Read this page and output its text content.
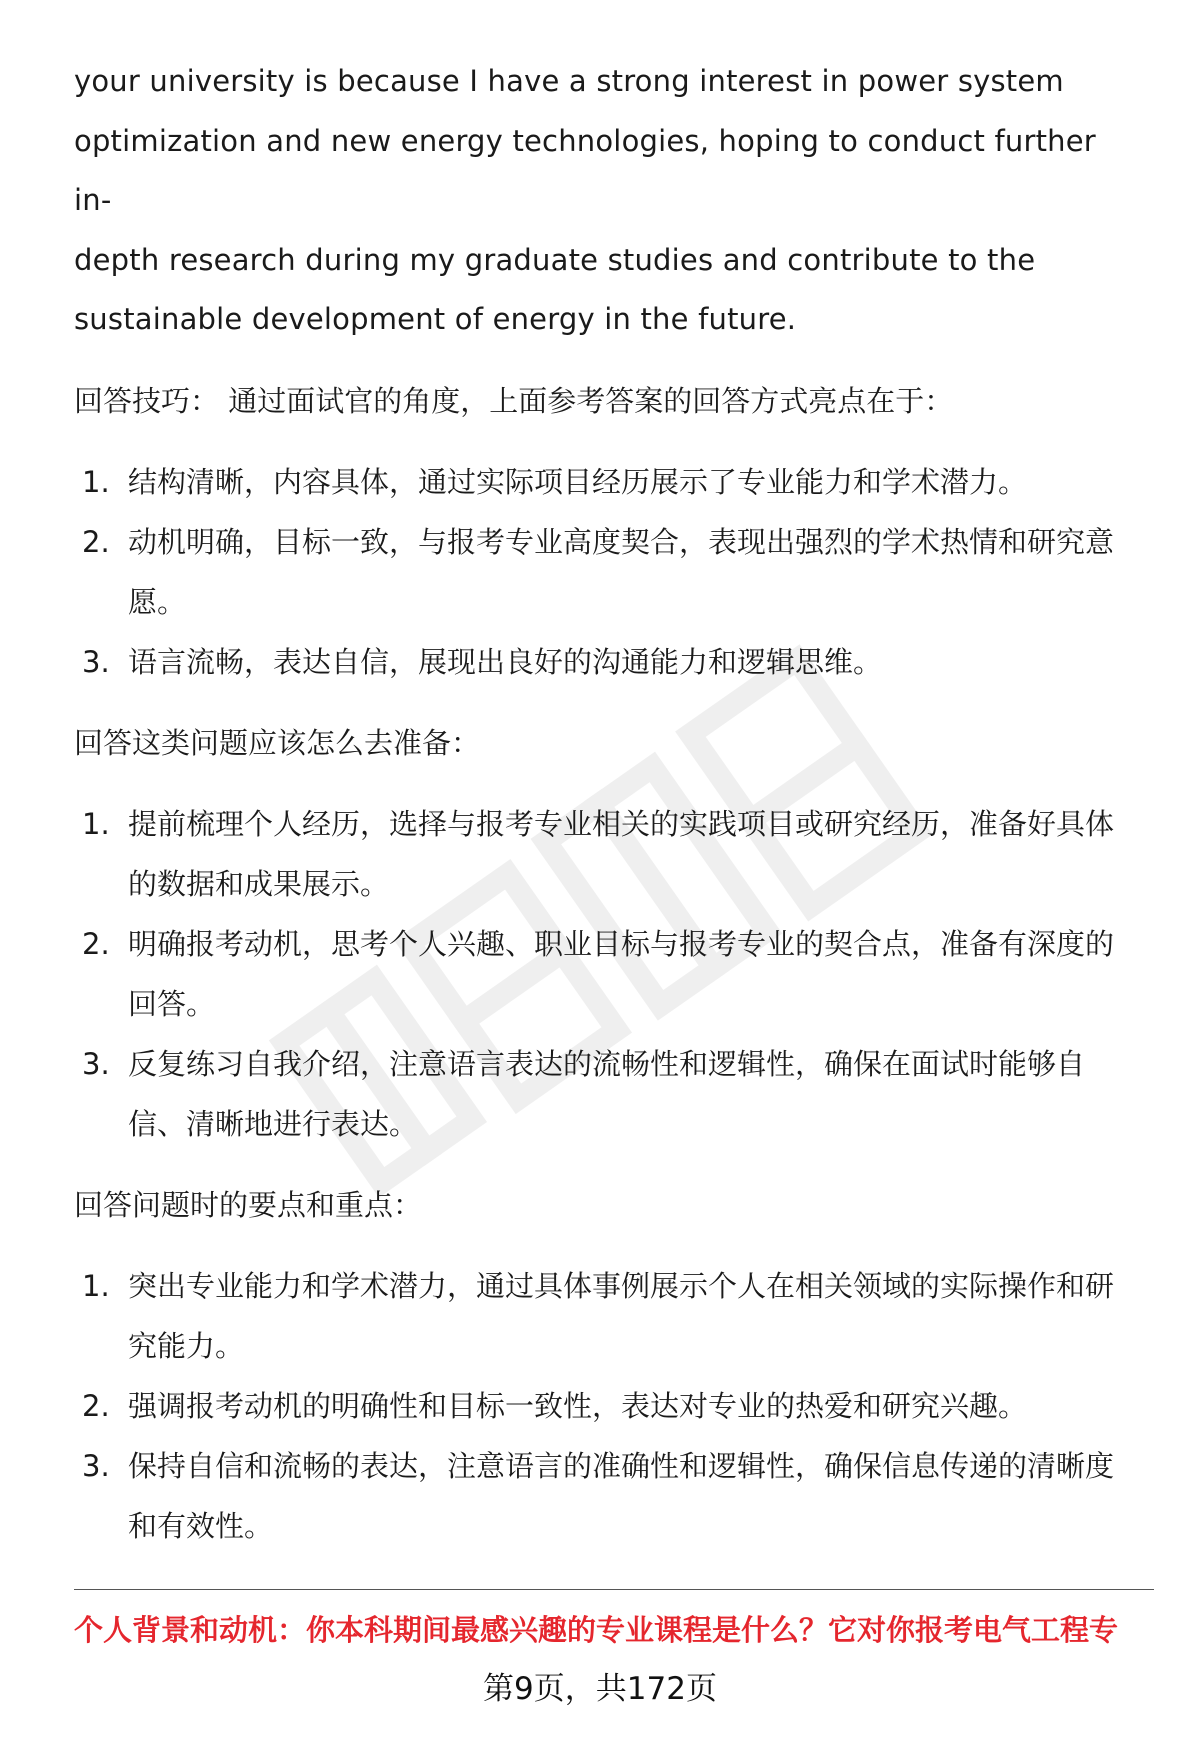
your university is because I have a strong interest in power system

optimization and new energy technologies, hoping to conduct further in-

depth research during my graduate studies and contribute to the

sustainable development of energy in the future.

回答技巧： 通过面试官的角度，上面参考答案的回答方式亮点在于：

1. 结构清晰，内容具体，通过实际项目经历展示了专业能力和学术潜力。
2. 动机明确，目标一致，与报考专业高度契合，表现出强烈的学术热情和研究意
愿。
3. 语言流畅，表达自信，展现出良好的沟通能力和逻辑思维。

回答这类问题应该怎么去准备：

1. 提前梳理个人经历，选择与报考专业相关的实践项目或研究经历，准备好具体
的数据和成果展示。
2. 明确报考动机，思考个人兴趣、职业目标与报考专业的契合点，准备有深度的
回答。
3. 反复练习自我介绍，注意语言表达的流畅性和逻辑性，确保在面试时能够自
信、清晰地进行表达。

回答问题时的要点和重点：

1. 突出专业能力和学术潜力，通过具体事例展示个人在相关领域的实际操作和研
究能力。
2. 强调报考动机的明确性和目标一致性，表达对专业的热爱和研究兴趣。
3. 保持自信和流畅的表达，注意语言的准确性和逻辑性，确保信息传递的清晰度
和有效性。
个人背景和动机：你本科期间最感兴趣的专业课程是什么？它对你报考电气工程专
第9页，共172页
